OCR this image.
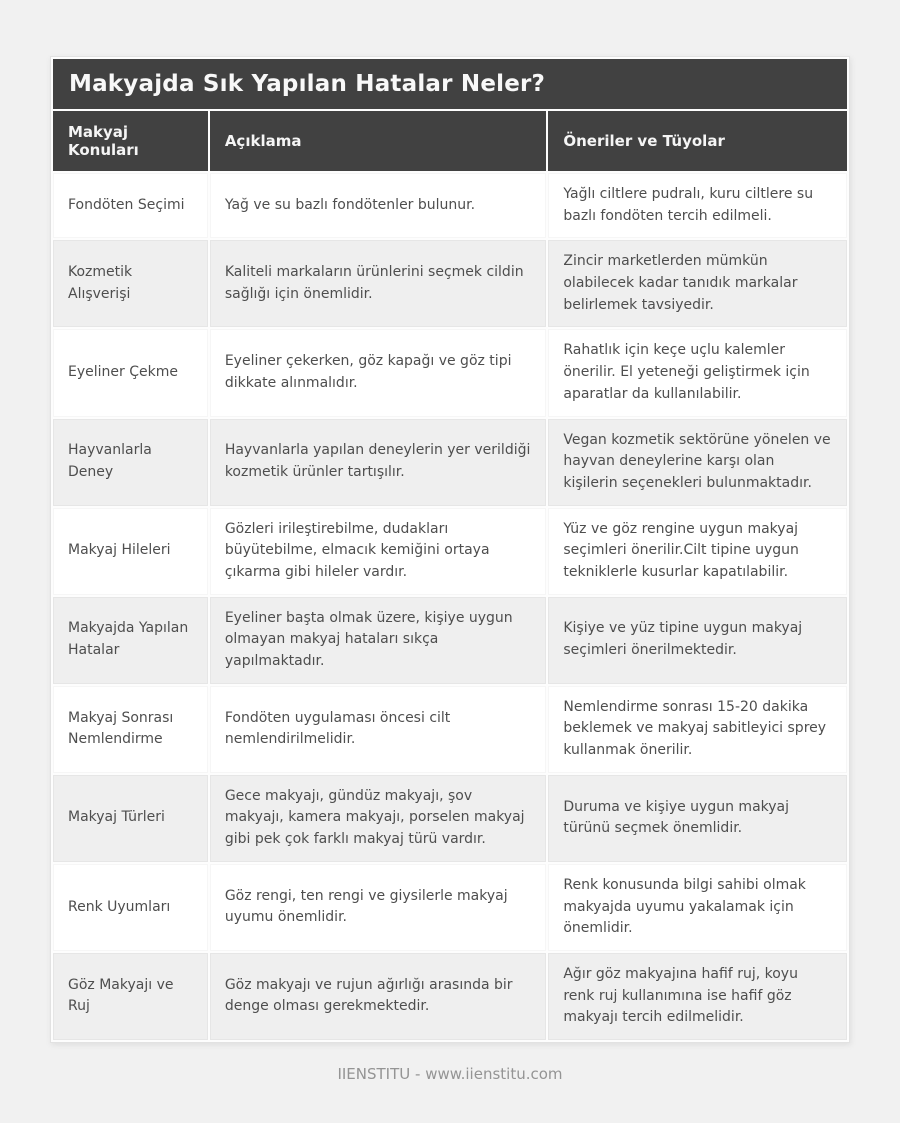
Makyajda Sık Yapılan Hatalar Neler?		
Makyaj Konuları	Açıklama	Öneriler ve Tüyolar
Fondöten Seçimi	Yağ ve su bazlı fondötenler bulunur.	Yağlı ciltlere pudralı, kuru ciltlere su bazlı fondöten tercih edilmeli.
Kozmetik Alışverişi	Kaliteli markaların ürünlerini seçmek cildin sağlığı için önemlidir.	Zincir marketlerden mümkün olabilecek kadar tanıdık markalar belirlemek tavsiyedir.
Eyeliner Çekme	Eyeliner çekerken, göz kapağı ve göz tipi dikkate alınmalıdır.	Rahatlık için keçe uçlu kalemler önerilir. El yeteneği geliştirmek için aparatlar da kullanılabilir.
Hayvanlarla Deney	Hayvanlarla yapılan deneylerin yer verildiği kozmetik ürünler tartışılır.	Vegan kozmetik sektörüne yönelen ve hayvan deneylerine karşı olan kişilerin seçenekleri bulunmaktadır.
Makyaj Hileleri	Gözleri irileştirebilme, dudakları büyütebilme, elmacık kemiğini ortaya çıkarma gibi hileler vardır.	Yüz ve göz rengine uygun makyaj seçimleri önerilir.Cilt tipine uygun tekniklerle kusurlar kapatılabilir.
Makyajda Yapılan Hatalar	Eyeliner başta olmak üzere, kişiye uygun olmayan makyaj hataları sıkça yapılmaktadır.	Kişiye ve yüz tipine uygun makyaj seçimleri önerilmektedir.
Makyaj Sonrası Nemlendirme	Fondöten uygulaması öncesi cilt nemlendirilmelidir.	Nemlendirme sonrası 15-20 dakika beklemek ve makyaj sabitleyici sprey kullanmak önerilir.
Makyaj Türleri	Gece makyajı, gündüz makyajı, şov makyajı, kamera makyajı, porselen makyaj gibi pek çok farklı makyaj türü vardır.	Duruma ve kişiye uygun makyaj türünü seçmek önemlidir.
Renk Uyumları	Göz rengi, ten rengi ve giysilerle makyaj uyumu önemlidir.	Renk konusunda bilgi sahibi olmak makyajda uyumu yakalamak için önemlidir.
Göz Makyajı ve Ruj	Göz makyajı ve rujun ağırlığı arasında bir denge olması gerekmektedir.	Ağır göz makyajına hafif ruj, koyu renk ruj kullanımına ise hafif göz makyajı tercih edilmelidir.
IIENSTITU - www.iienstitu.com
